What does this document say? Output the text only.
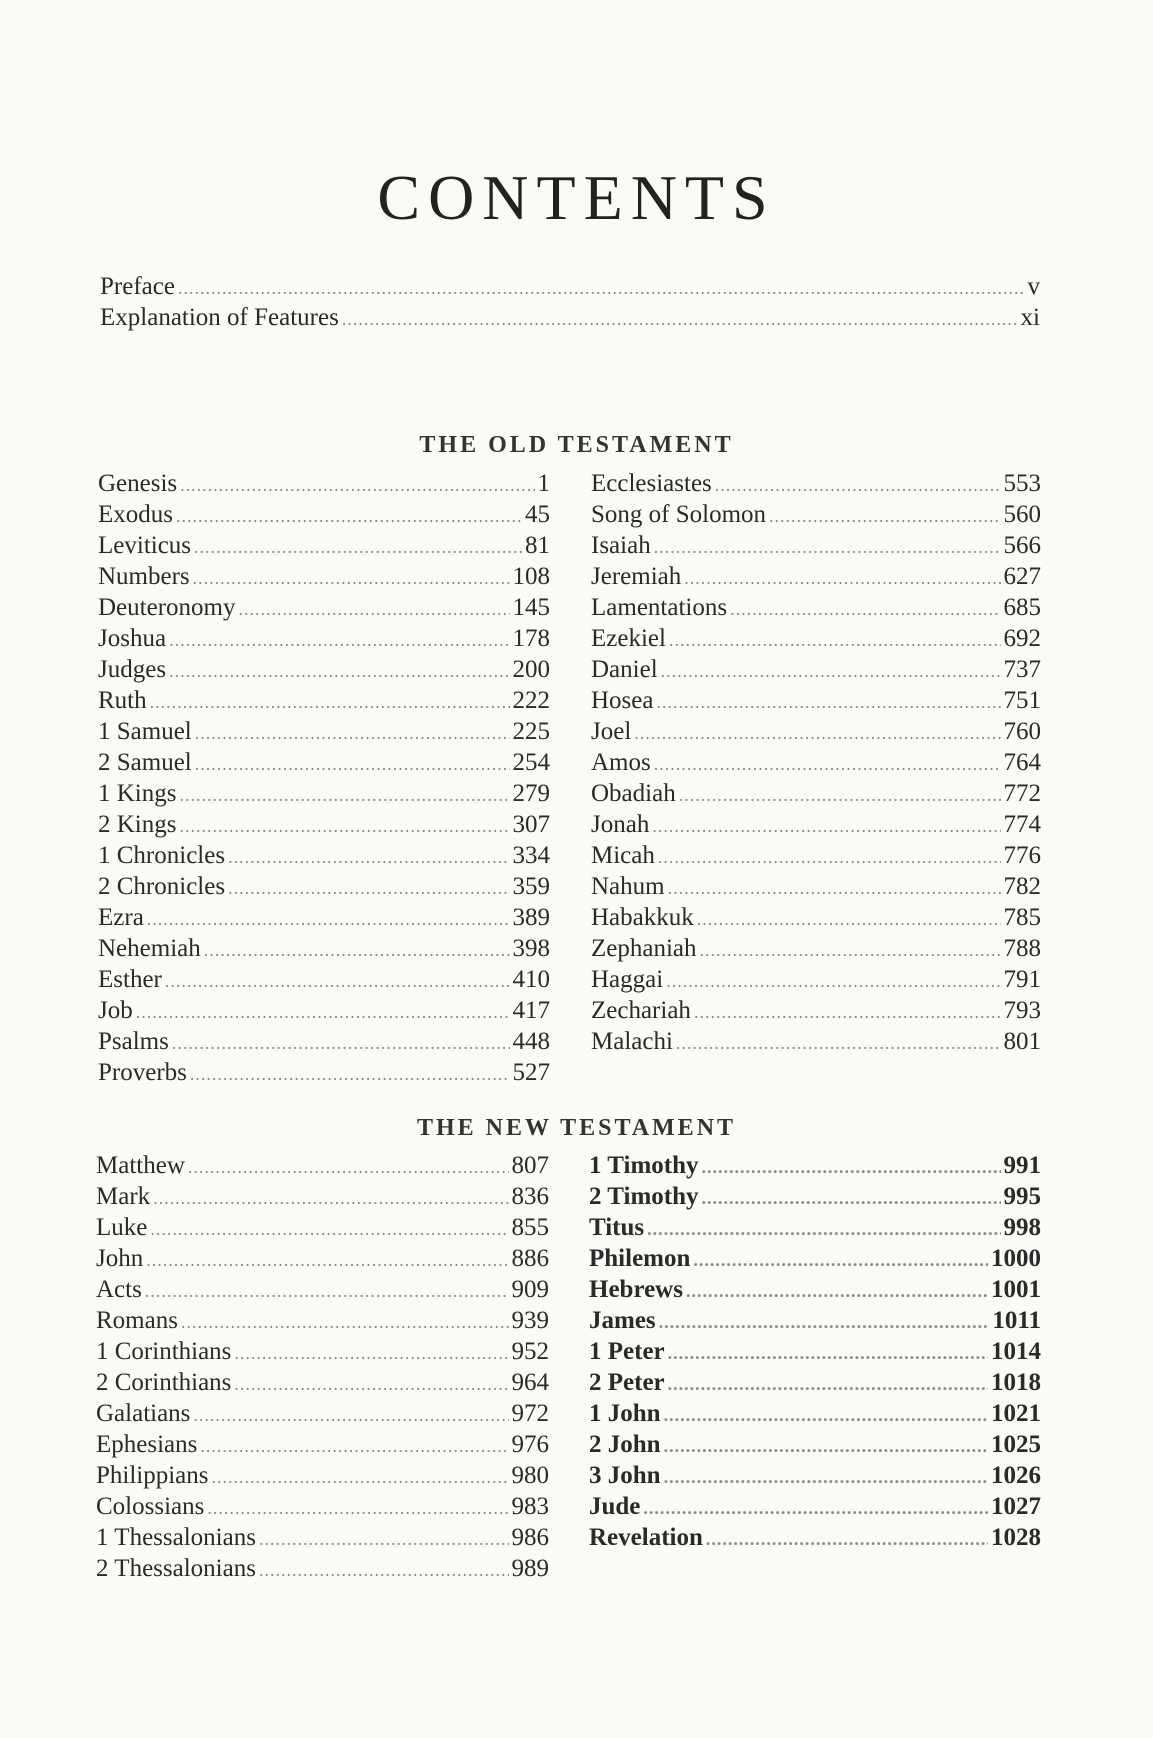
CONTENTS
Preface .....	v
Explanation of Features .....	xi
THE OLD TESTAMENT
Genesis .....	1
Exodus .....	45
Leviticus .....	81
Numbers .....	108
Deuteronomy .....	145
Joshua .....	178
Judges .....	200
Ruth .....	222
1 Samuel .....	225
2 Samuel .....	254
1 Kings .....	279
2 Kings .....	307
1 Chronicles .....	334
2 Chronicles .....	359
Ezra .....	389
Nehemiah .....	398
Esther .....	410
Job .....	417
Psalms .....	448
Proverbs .....	527
Ecclesiastes .....	553
Song of Solomon .....	560
Isaiah .....	566
Jeremiah .....	627
Lamentations .....	685
Ezekiel .....	692
Daniel .....	737
Hosea .....	751
Joel .....	760
Amos .....	764
Obadiah .....	772
Jonah .....	774
Micah .....	776
Nahum .....	782
Habakkuk .....	785
Zephaniah .....	788
Haggai .....	791
Zechariah .....	793
Malachi .....	801
THE NEW TESTAMENT
Matthew .....	807
Mark .....	836
Luke .....	855
John .....	886
Acts .....	909
Romans .....	939
1 Corinthians .....	952
2 Corinthians .....	964
Galatians .....	972
Ephesians .....	976
Philippians .....	980
Colossians .....	983
1 Thessalonians .....	986
2 Thessalonians .....	989
1 Timothy .....	991
2 Timothy .....	995
Titus .....	998
Philemon .....	1000
Hebrews .....	1001
James .....	1011
1 Peter .....	1014
2 Peter .....	1018
1 John .....	1021
2 John .....	1025
3 John .....	1026
Jude .....	1027
Revelation .....	1028
